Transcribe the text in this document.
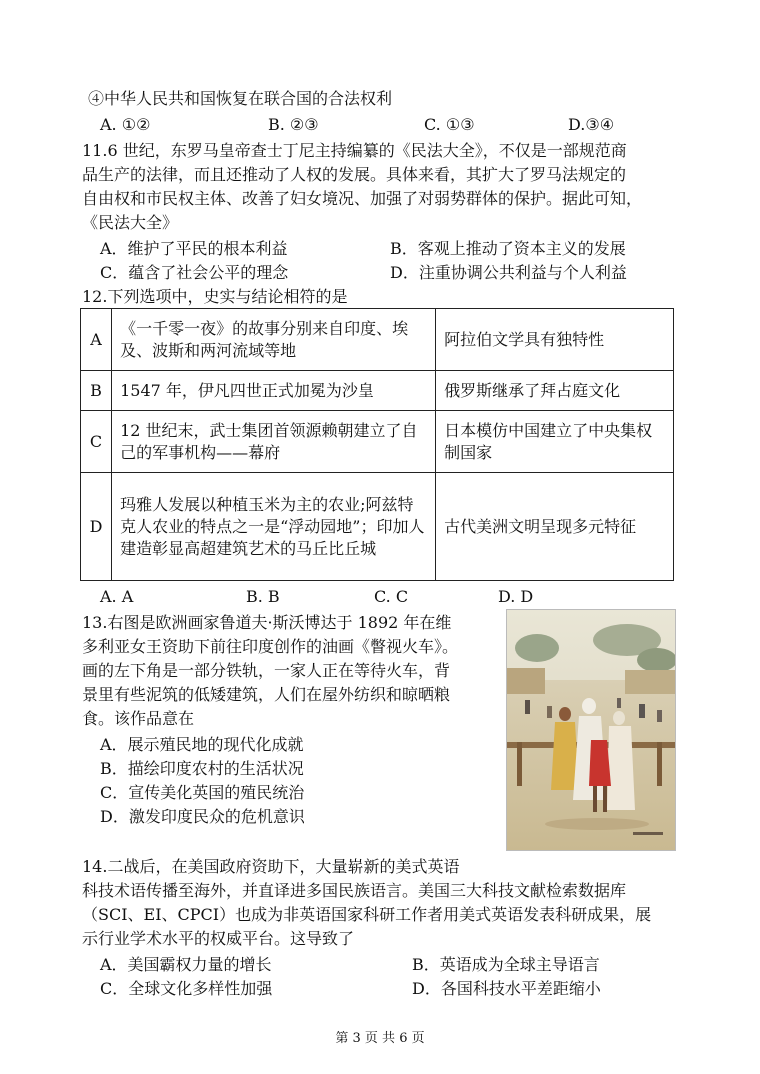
④中华人民共和国恢复在联合国的合法权利
A. ①②	B. ②③	C. ①③	D.③④
11.6 世纪，东罗马皇帝查士丁尼主持编纂的《民法大全》，不仅是一部规范商
品生产的法律，而且还推动了人权的发展。具体来看，其扩大了罗马法规定的
自由权和市民权主体、改善了妇女境况、加强了对弱势群体的保护。据此可知，
《民法大全》
A．维护了平民的根本利益	B．客观上推动了资本主义的发展
C．蕴含了社会公平的理念	D．注重协调公共利益与个人利益
12.下列选项中，史实与结论相符的是
A	《一千零一夜》的故事分别来自印度、埃及、波斯和两河流域等地	阿拉伯文学具有独特性
B	1547 年，伊凡四世正式加冕为沙皇	俄罗斯继承了拜占庭文化
C	12 世纪末，武士集团首领源赖朝建立了自己的军事机构——幕府	日本模仿中国建立了中央集权制国家
D	玛雅人发展以种植玉米为主的农业;阿兹特克人农业的特点之一是“浮动园地”；印加人建造彰显高超建筑艺术的马丘比丘城	古代美洲文明呈现多元特征
A. A	B. B	C. C	D. D
13.右图是欧洲画家鲁道夫·斯沃博达于 1892 年在维
多利亚女王资助下前往印度创作的油画《瞥视火车》。
画的左下角是一部分铁轨，一家人正在等待火车，背
景里有些泥筑的低矮建筑，人们在屋外纺织和晾晒粮
食。该作品意在
A．展示殖民地的现代化成就
B．描绘印度农村的生活状况
C．宣传美化英国的殖民统治
D．激发印度民众的危机意识
14.二战后，在美国政府资助下，大量崭新的美式英语
科技术语传播至海外，并直译进多国民族语言。美国三大科技文献检索数据库
（SCI、EI、CPCI）也成为非英语国家科研工作者用美式英语发表科研成果，展
示行业学术水平的权威平台。这导致了
A．美国霸权力量的增长	B．英语成为全球主导语言
C．全球文化多样性加强	D．各国科技水平差距缩小
第 3 页 共 6 页
